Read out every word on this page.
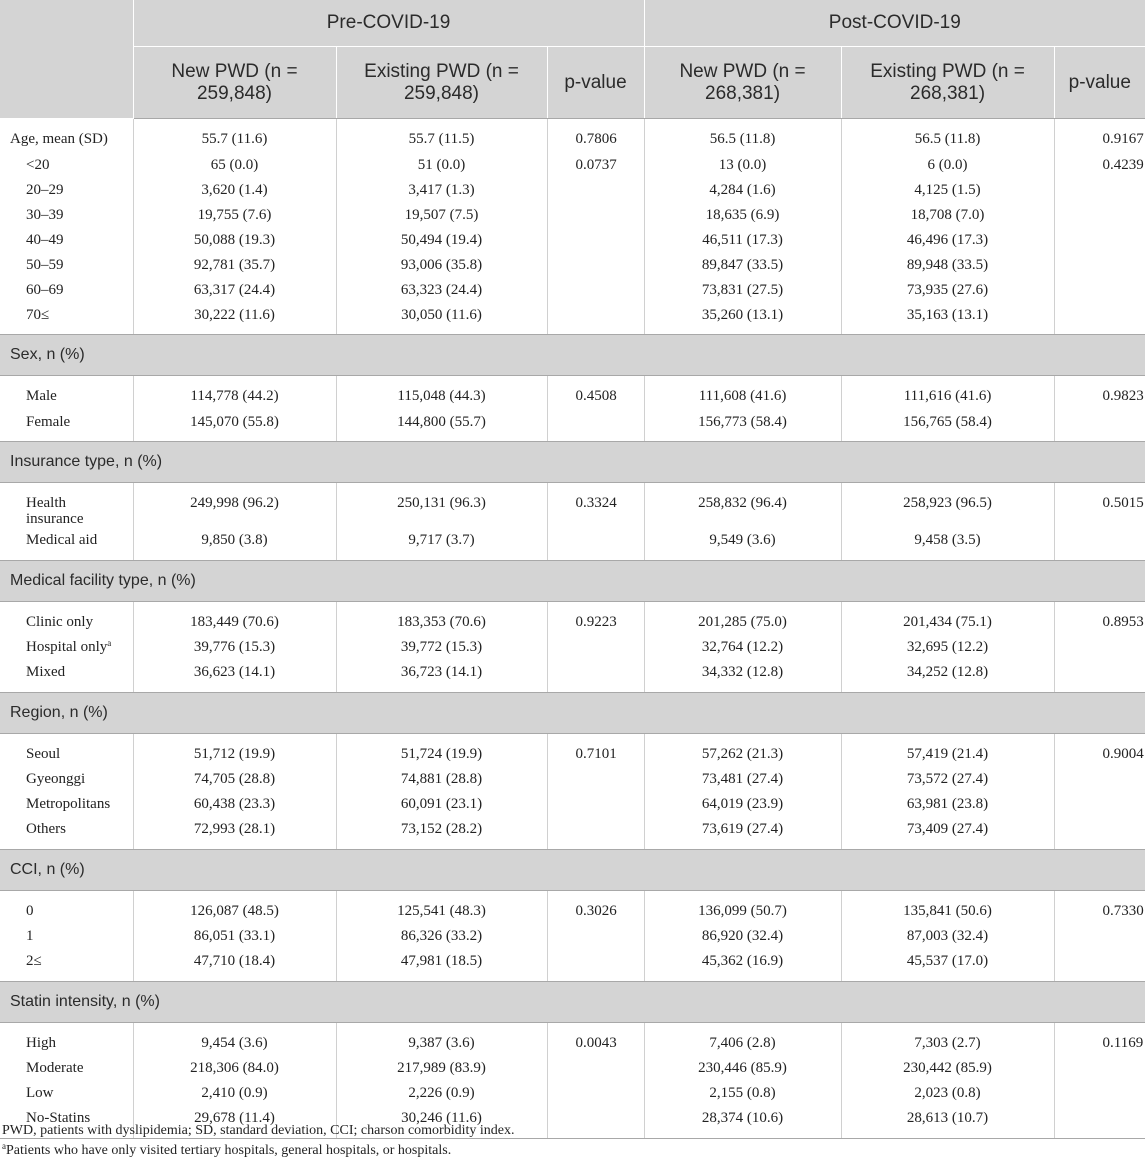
	Pre-COVID-19			Post-COVID-19		
	New PWD (n = 259,848)	Existing PWD (n = 259,848)	p-value	New PWD (n = 268,381)	Existing PWD (n = 268,381)	p-value
Age, mean (SD)	55.7 (11.6)	55.7 (11.5)	0.7806	56.5 (11.8)	56.5 (11.8)	0.9167
<20	65 (0.0)	51 (0.0)	0.0737	13 (0.0)	6 (0.0)	0.4239
20–29	3,620 (1.4)	3,417 (1.3)		4,284 (1.6)	4,125 (1.5)	
30–39	19,755 (7.6)	19,507 (7.5)		18,635 (6.9)	18,708 (7.0)	
40–49	50,088 (19.3)	50,494 (19.4)		46,511 (17.3)	46,496 (17.3)	
50–59	92,781 (35.7)	93,006 (35.8)		89,847 (33.5)	89,948 (33.5)	
60–69	63,317 (24.4)	63,323 (24.4)		73,831 (27.5)	73,935 (27.6)	
70≤	30,222 (11.6)	30,050 (11.6)		35,260 (13.1)	35,163 (13.1)	
Sex, n (%)						
Male	114,778 (44.2)	115,048 (44.3)	0.4508	111,608 (41.6)	111,616 (41.6)	0.9823
Female	145,070 (55.8)	144,800 (55.7)		156,773 (58.4)	156,765 (58.4)	
Insurance type, n (%)						
Health insurance	249,998 (96.2)	250,131 (96.3)	0.3324	258,832 (96.4)	258,923 (96.5)	0.5015
Medical aid	9,850 (3.8)	9,717 (3.7)		9,549 (3.6)	9,458 (3.5)	
Medical facility type, n (%)						
Clinic only	183,449 (70.6)	183,353 (70.6)	0.9223	201,285 (75.0)	201,434 (75.1)	0.8953
Hospital only$^a$	39,776 (15.3)	39,772 (15.3)		32,764 (12.2)	32,695 (12.2)	
Mixed	36,623 (14.1)	36,723 (14.1)		34,332 (12.8)	34,252 (12.8)	
Region, n (%)						
Seoul	51,712 (19.9)	51,724 (19.9)	0.7101	57,262 (21.3)	57,419 (21.4)	0.9004
Gyeonggi	74,705 (28.8)	74,881 (28.8)		73,481 (27.4)	73,572 (27.4)	
Metropolitans	60,438 (23.3)	60,091 (23.1)		64,019 (23.9)	63,981 (23.8)	
Others	72,993 (28.1)	73,152 (28.2)		73,619 (27.4)	73,409 (27.4)	
CCI, n (%)						
0	126,087 (48.5)	125,541 (48.3)	0.3026	136,099 (50.7)	135,841 (50.6)	0.7330
1	86,051 (33.1)	86,326 (33.2)		86,920 (32.4)	87,003 (32.4)	
2≤	47,710 (18.4)	47,981 (18.5)		45,362 (16.9)	45,537 (17.0)	
Statin intensity, n (%)						
High	9,454 (3.6)	9,387 (3.6)	0.0043	7,406 (2.8)	7,303 (2.7)	0.1169
Moderate	218,306 (84.0)	217,989 (83.9)		230,446 (85.9)	230,442 (85.9)	
Low	2,410 (0.9)	2,226 (0.9)		2,155 (0.8)	2,023 (0.8)	
No-Statins	29,678 (11.4)	30,246 (11.6)		28,374 (10.6)	28,613 (10.7)	
PWD, patients with dyslipidemia; SD, standard deviation, CCI; charson comorbidity index.
$^a$Patients who have only visited tertiary hospitals, general hospitals, or hospitals.
